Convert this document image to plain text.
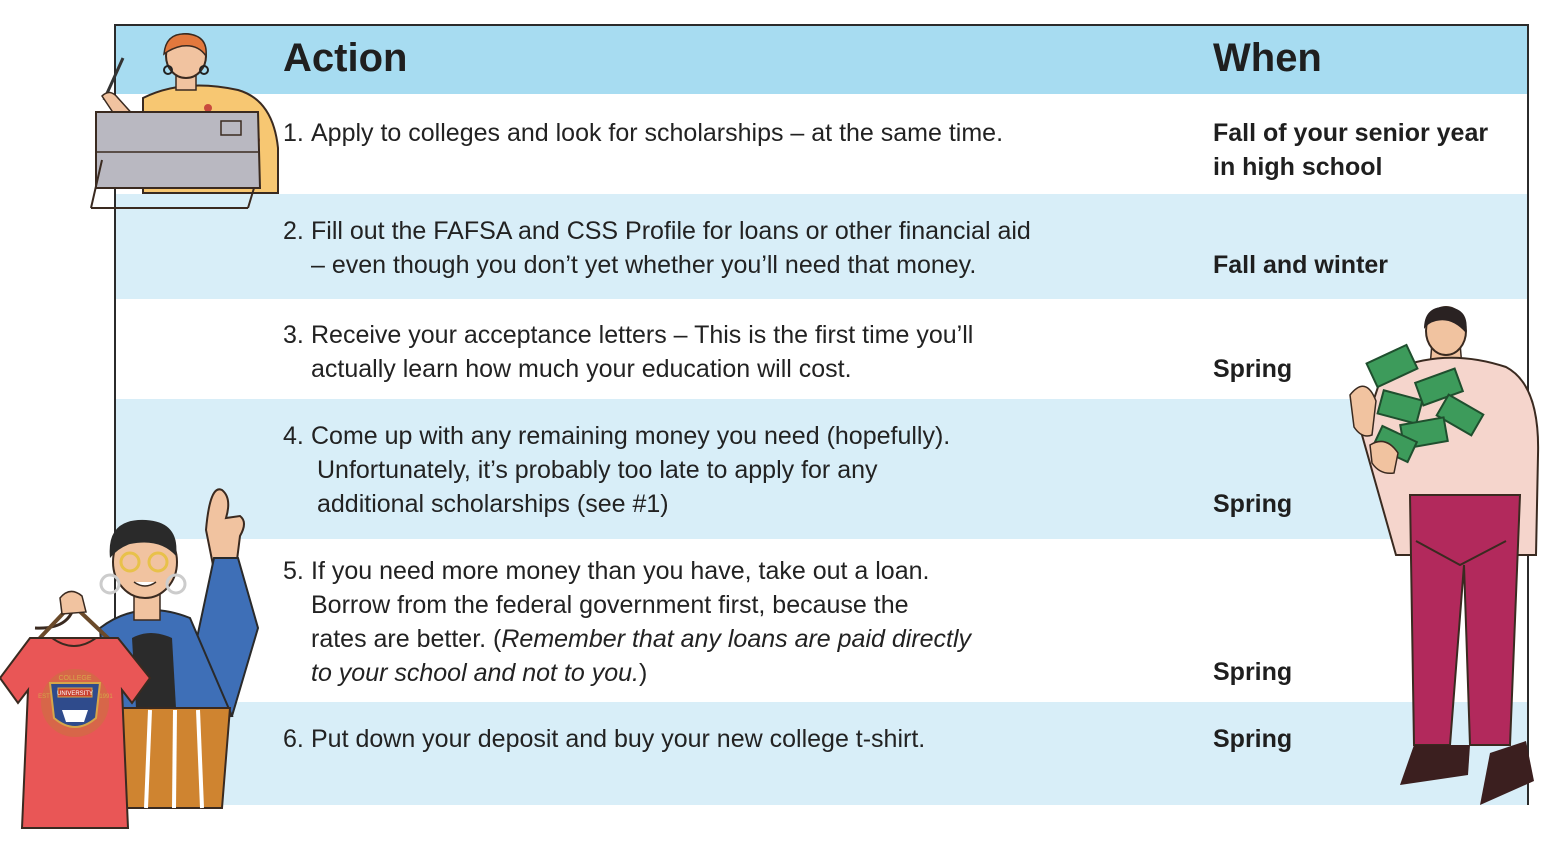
Action	When
1. Apply to colleges and look for scholarships – at the same time.	Fall of your senior year
in high school
2. Fill out the FAFSA and CSS Profile for loans or other financial aid
– even though you don’t yet whether you’ll need that money.	Fall and winter
3. Receive your acceptance letters – This is the first time you’ll
actually learn how much your education will cost.	Spring
4. Come up with any remaining money you need (hopefully).
Unfortunately, it’s probably too late to apply for any
additional scholarships (see #1)	Spring
5. If you need more money than you have, take out a loan.
Borrow from the federal government first, because the
rates are better. (Remember that any loans are paid directly
to your school and not to you.)	Spring
6. Put down your deposit and buy your new college t-shirt.	Spring
COLLEGE
UNIVERSITY
EST	1991
